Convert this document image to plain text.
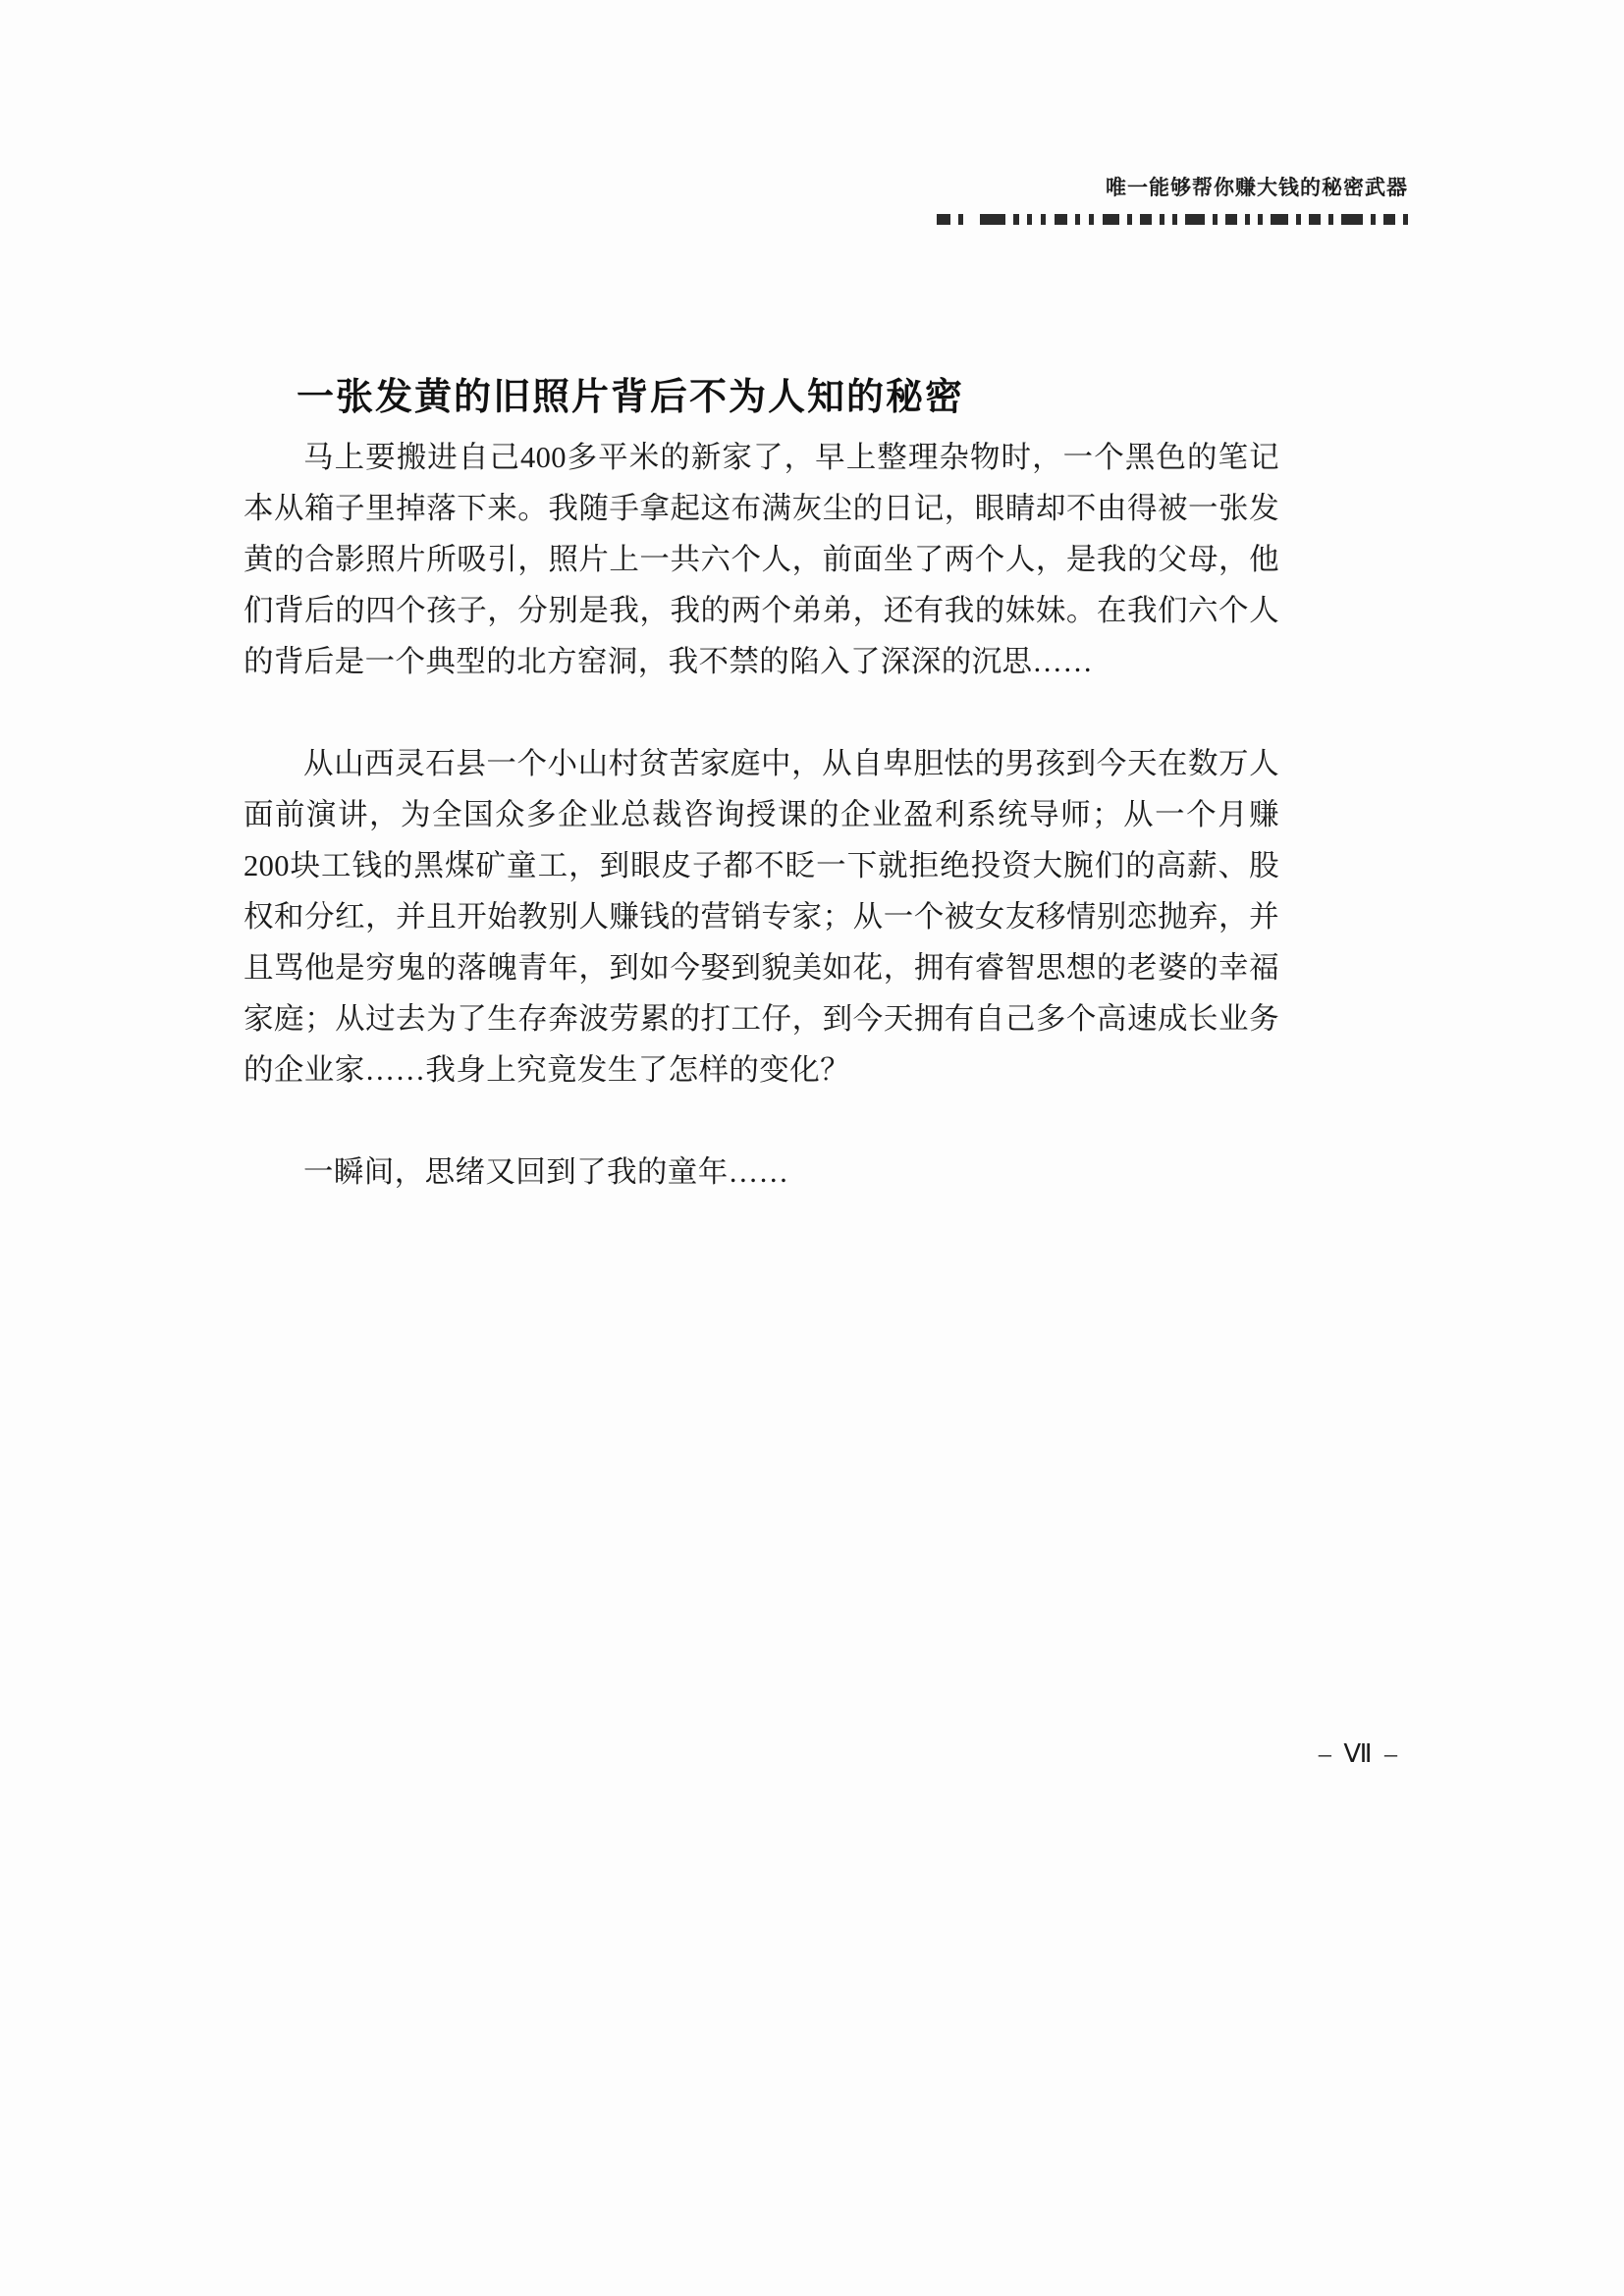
唯一能够帮你赚大钱的秘密武器
一张发黄的旧照片背后不为人知的秘密

马上要搬进自己400多平米的新家了，早上整理杂物时，一个黑色的笔记本从箱子里掉落下来。我随手拿起这布满灰尘的日记，眼睛却不由得被一张发黄的合影照片所吸引，照片上一共六个人，前面坐了两个人，是我的父母，他们背后的四个孩子，分别是我，我的两个弟弟，还有我的妹妹。在我们六个人的背后是一个典型的北方窑洞，我不禁的陷入了深深的沉思……

从山西灵石县一个小山村贫苦家庭中，从自卑胆怯的男孩到今天在数万人面前演讲，为全国众多企业总裁咨询授课的企业盈利系统导师；从一个月赚200块工钱的黑煤矿童工，到眼皮子都不眨一下就拒绝投资大腕们的高薪、股权和分红，并且开始教别人赚钱的营销专家；从一个被女友移情别恋抛弃，并且骂他是穷鬼的落魄青年，到如今娶到貌美如花，拥有睿智思想的老婆的幸福家庭；从过去为了生存奔波劳累的打工仔，到今天拥有自己多个高速成长业务的企业家……我身上究竟发生了怎样的变化？

一瞬间，思绪又回到了我的童年……

– Ⅶ –
